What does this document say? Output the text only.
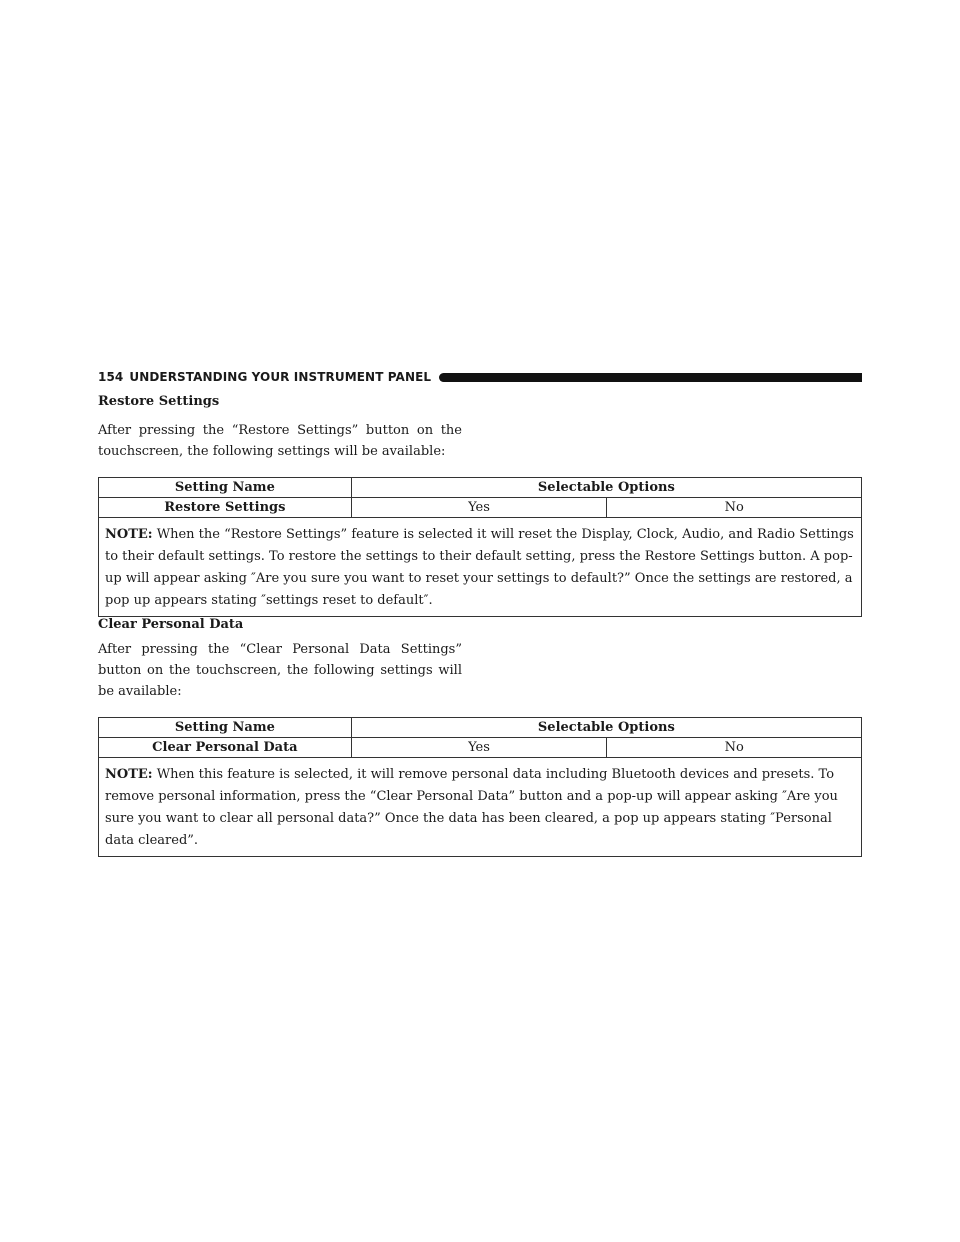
154 UNDERSTANDING YOUR INSTRUMENT PANEL
Restore Settings
After pressing the “Restore Settings” button on the touchscreen, the following settings will be available:
Setting Name	Selectable Options	
Restore Settings	Yes	No
NOTE: When the “Restore Settings” feature is selected it will reset the Display, Clock, Audio, and Radio Settings to their default settings. To restore the settings to their default setting, press the Restore Settings button. A pop-up will appear asking ″Are you sure you want to reset your settings to default?” Once the settings are restored, a pop up appears stating ″settings reset to default″.		
Clear Personal Data
After pressing the “Clear Personal Data Settings” button on the touchscreen, the following settings will be available:
Setting Name	Selectable Options	
Clear Personal Data	Yes	No
NOTE: When this feature is selected, it will remove personal data including Bluetooth devices and presets. To remove personal information, press the “Clear Personal Data” button and a pop-up will appear asking ″Are you sure you want to clear all personal data?” Once the data has been cleared, a pop up appears stating ″Personal data cleared”.		
